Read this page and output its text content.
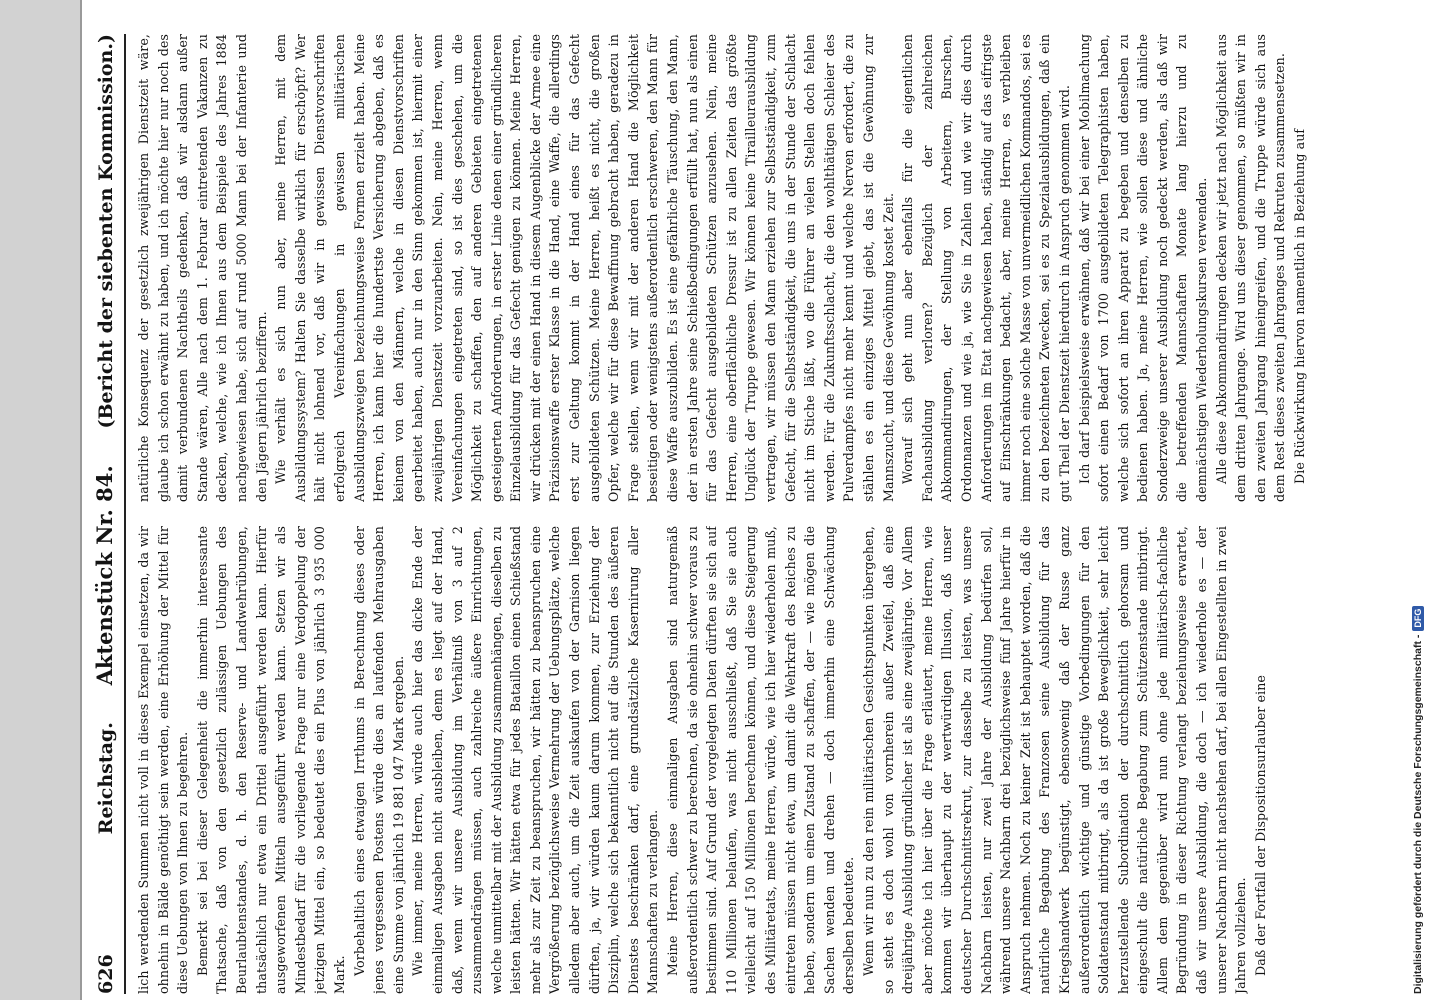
626
Reichstag.
Aktenstück Nr. 84.
(Bericht der siebenten Kommission.)

lich werdenden Summen nicht voll in dieses Exempel einsetzen, da wir ohnehin in Bälde genöthigt sein werden, eine Erhöhung der Mittel für diese Uebungen von Ihnen zu begehren. Bemerkt sei bei dieser Gelegenheit die immerhin interessante Thatsache, daß von den gesetzlich zulässigen Uebungen des Beurlaubtenstandes, d. h. den Reserve- und Landwehrübungen, thatsächlich nur etwa ein Drittel ausgeführt werden kann. Hierfür ausgeworfenen Mitteln ausgeführt werden kann. Setzen wir als Mindestbedarf für die vorliegende Frage nur eine Verdoppelung der jetzigen Mittel ein, so bedeutet dies ein Plus von jährlich 3 935 000 Mark. Vorbehaltlich eines etwaigen Irrthums in Berechnung dieses oder jenes vergessenen Postens würde dies an laufenden Mehrausgaben eine Summe von jährlich 19 881 047 Mark ergeben. Wie immer, meine Herren, würde auch hier das dicke Ende der einmaligen Ausgaben nicht ausbleiben, denn es liegt auf der Hand, daß, wenn wir unsere Ausbildung im Verhältniß von 3 auf 2 zusammendrängen müssen, auch zahlreiche äußere Einrichtungen, welche unmittelbar mit der Ausbildung zusammenhängen, dieselben zu leisten hätten. Wir hätten etwa für jedes Bataillon einen Schießstand mehr als zur Zeit zu beanspruchen, wir hätten zu beanspruchen eine Vergrößerung bezüglichsweise Vermehrung der Uebungsplätze, welche alledem aber auch, um die Zeit auskaufen von der Garnison liegen dürften, ja, wir würden kaum darum kommen, zur Erziehung der Disziplin, welche sich bekanntlich nicht auf die Stunden des äußeren Dienstes beschränken darf, eine grundsätzliche Kasernirung aller Mannschaften zu verlangen. Meine Herren, diese einmaligen Ausgaben sind naturgemäß außerordentlich schwer zu berechnen, da sie ohnehin schwer voraus zu bestimmen sind. Auf Grund der vorgelegten Daten dürften sie sich auf 110 Millionen belaufen, was nicht ausschließt, daß Sie sie auch vielleicht auf 150 Millionen berechnen können, und diese Steigerung des Militäretats, meine Herren, würde, wie ich hier wiederholen muß, eintreten müssen nicht etwa, um damit die Wehrkraft des Reiches zu heben, sondern um einen Zustand zu schaffen, der — wie mögen die Sachen wenden und drehen — doch immerhin eine Schwächung derselben bedeutete. Wenn wir nun zu den rein militärischen Gesichtspunkten übergehen, so steht es doch wohl von vornherein außer Zweifel, daß eine dreijährige Ausbildung gründlicher ist als eine zweijährige. Vor Allem aber möchte ich hier über die Frage erläutert, meine Herren, wie kommen wir überhaupt zu der wertwürdigen Illusion, daß unser deutscher Durchschnittsrekrut, zur dasselbe zu leisten, was unsere Nachbarn leisten, nur zwei Jahre der Ausbildung bedürfen soll, während unsere Nachbarn drei bezüglichsweise fünf Jahre hierfür in Anspruch nehmen. Noch zu keiner Zeit ist behauptet worden, daß die natürliche Begabung des Franzosen seine Ausbildung für das Kriegshandwerk begünstigt, ebensowenig daß der Russe ganz außerordentlich wichtige und günstige Vorbedingungen für den Soldatenstand mitbringt, als da ist große Beweglichkeit, sehr leicht herzustellende Subordination der durchschnittlich gehorsam und eingeschult die natürliche Begabung zum Schützenstande mitbringt. Allem dem gegenüber wird nun ohne jede militärisch-fachliche Begründung in dieser Richtung verlangt beziehungsweise erwartet, daß wir unsere Ausbildung, die doch — ich wiederhole es — der unserer Nachbarn nicht nachstehen darf, bei allen Eingestellten in zwei Jahren vollziehen. Daß der Fortfall der Dispositionsurlauber eine

natürliche Konsequenz der gesetzlich zweijährigen Dienstzeit wäre, glaube ich schon erwähnt zu haben, und ich möchte hier nur noch des damit verbundenen Nachtheils gedenken, daß wir alsdann außer Stande wären, Alle nach dem 1. Februar eintretenden Vakanzen zu decken, welche, wie ich Ihnen aus dem Beispiele des Jahres 1884 nachgewiesen habe, sich auf rund 5000 Mann bei der Infanterie und den Jägern jährlich beziffern. Wie verhält es sich nun aber, meine Herren, mit dem Ausbildungssystem? Halten Sie dasselbe wirklich für erschöpft? Wer hält nicht lohnend vor, daß wir in gewissen Dienstvorschriften erfolgreich Vereinfachungen in gewissen militärischen Ausbildungszweigen bezeichnungsweise Formen erzielt haben. Meine Herren, ich kann hier die hundertste Versicherung abgeben, daß es keinem von den Männern, welche in diesen Dienstvorschriften gearbeitet haben, auch nur in den Sinn gekommen ist, hiermit einer zweijährigen Dienstzeit vorzuarbeiten. Nein, meine Herren, wenn Vereinfachungen eingetreten sind, so ist dies geschehen, um die Möglichkeit zu schaffen, den auf anderen Gebieten eingetretenen gesteigerten Anforderungen, in erster Linie denen einer gründlicheren Einzelausbildung für das Gefecht genügen zu können. Meine Herren, wir drücken mit der einen Hand in diesem Augenblicke der Armee eine Präzisionswaffe erster Klasse in die Hand, eine Waffe, die allerdings erst zur Geltung kommt in der Hand eines für das Gefecht ausgebildeten Schützen. Meine Herren, heißt es nicht, die großen Opfer, welche wir für diese Bewaffnung gebracht haben, geradezu in Frage stellen, wenn wir mit der anderen Hand die Möglichkeit beseitigen oder wenigstens außerordentlich erschweren, den Mann für diese Waffe auszubilden. Es ist eine gefährliche Täuschung, den Mann, der in ersten Jahre seine Schießbedingungen erfüllt hat, nun als einen für das Gefecht ausgebildeten Schützen anzusehen. Nein, meine Herren, eine oberflächliche Dressur ist zu allen Zeiten das größte Unglück der Truppe gewesen. Wir können keine Tirailleurausbildung vertragen, wir müssen den Mann erziehen zur Selbstständigkeit, zum Gefecht, für die Selbstständigkeit, die uns in der Stunde der Schlacht nicht im Stiche läßt, wo die Führer an vielen Stellen doch fehlen werden. Für die Zukunftsschlacht, die den wohlthätigen Schleier des Pulverdampfes nicht mehr kennt und welche Nerven erfordert, die zu stählen es ein einziges Mittel giebt, das ist die Gewöhnung zur Mannszucht, und diese Gewöhnung kostet Zeit. Worauf sich geht nun aber ebenfalls für die eigentlichen Fachausbildung verloren? Bezüglich der zahlreichen Abkommandirungen, der Stellung von Arbeitern, Burschen, Ordonnanzen und wie ja, wie Sie in Zahlen und wie wir dies durch Anforderungen im Etat nachgewiesen haben, ständig auf das eifrigste auf Einschränkungen bedacht, aber, meine Herren, es verbleiben immer noch eine solche Masse von unvermeidlichen Kommandos, sei es zu den bezeichneten Zwecken, sei es zu Spezialausbildungen, daß ein gut Theil der Dienstzeit hierdurch in Anspruch genommen wird. Ich darf beispielsweise erwähnen, daß wir bei einer Mobilmachung sofort einen Bedarf von 1700 ausgebildeten Telegraphisten haben, welche sich sofort an ihren Apparat zu begeben und denselben zu bedienen haben. Ja, meine Herren, wie sollen diese und ähnliche Sonderzweige unserer Ausbildung noch gedeckt werden, als daß wir die betreffenden Mannschaften Monate lang hierzu und zu demnächstigen Wiederholungskursen verwenden. Alle diese Abkommandirungen decken wir jetzt nach Möglichkeit aus dem dritten Jahrgange. Wird uns dieser genommen, so müßten wir in den zweiten Jahrgang hineingreifen, und die Truppe würde sich aus dem Rest dieses zweiten Jahrganges und Rekruten zusammensetzen. Die Rückwirkung hiervon namentlich in Beziehung auf

Digitalisierung gefördert durch die Deutsche Forschungsgemeinschaft -
DFG
